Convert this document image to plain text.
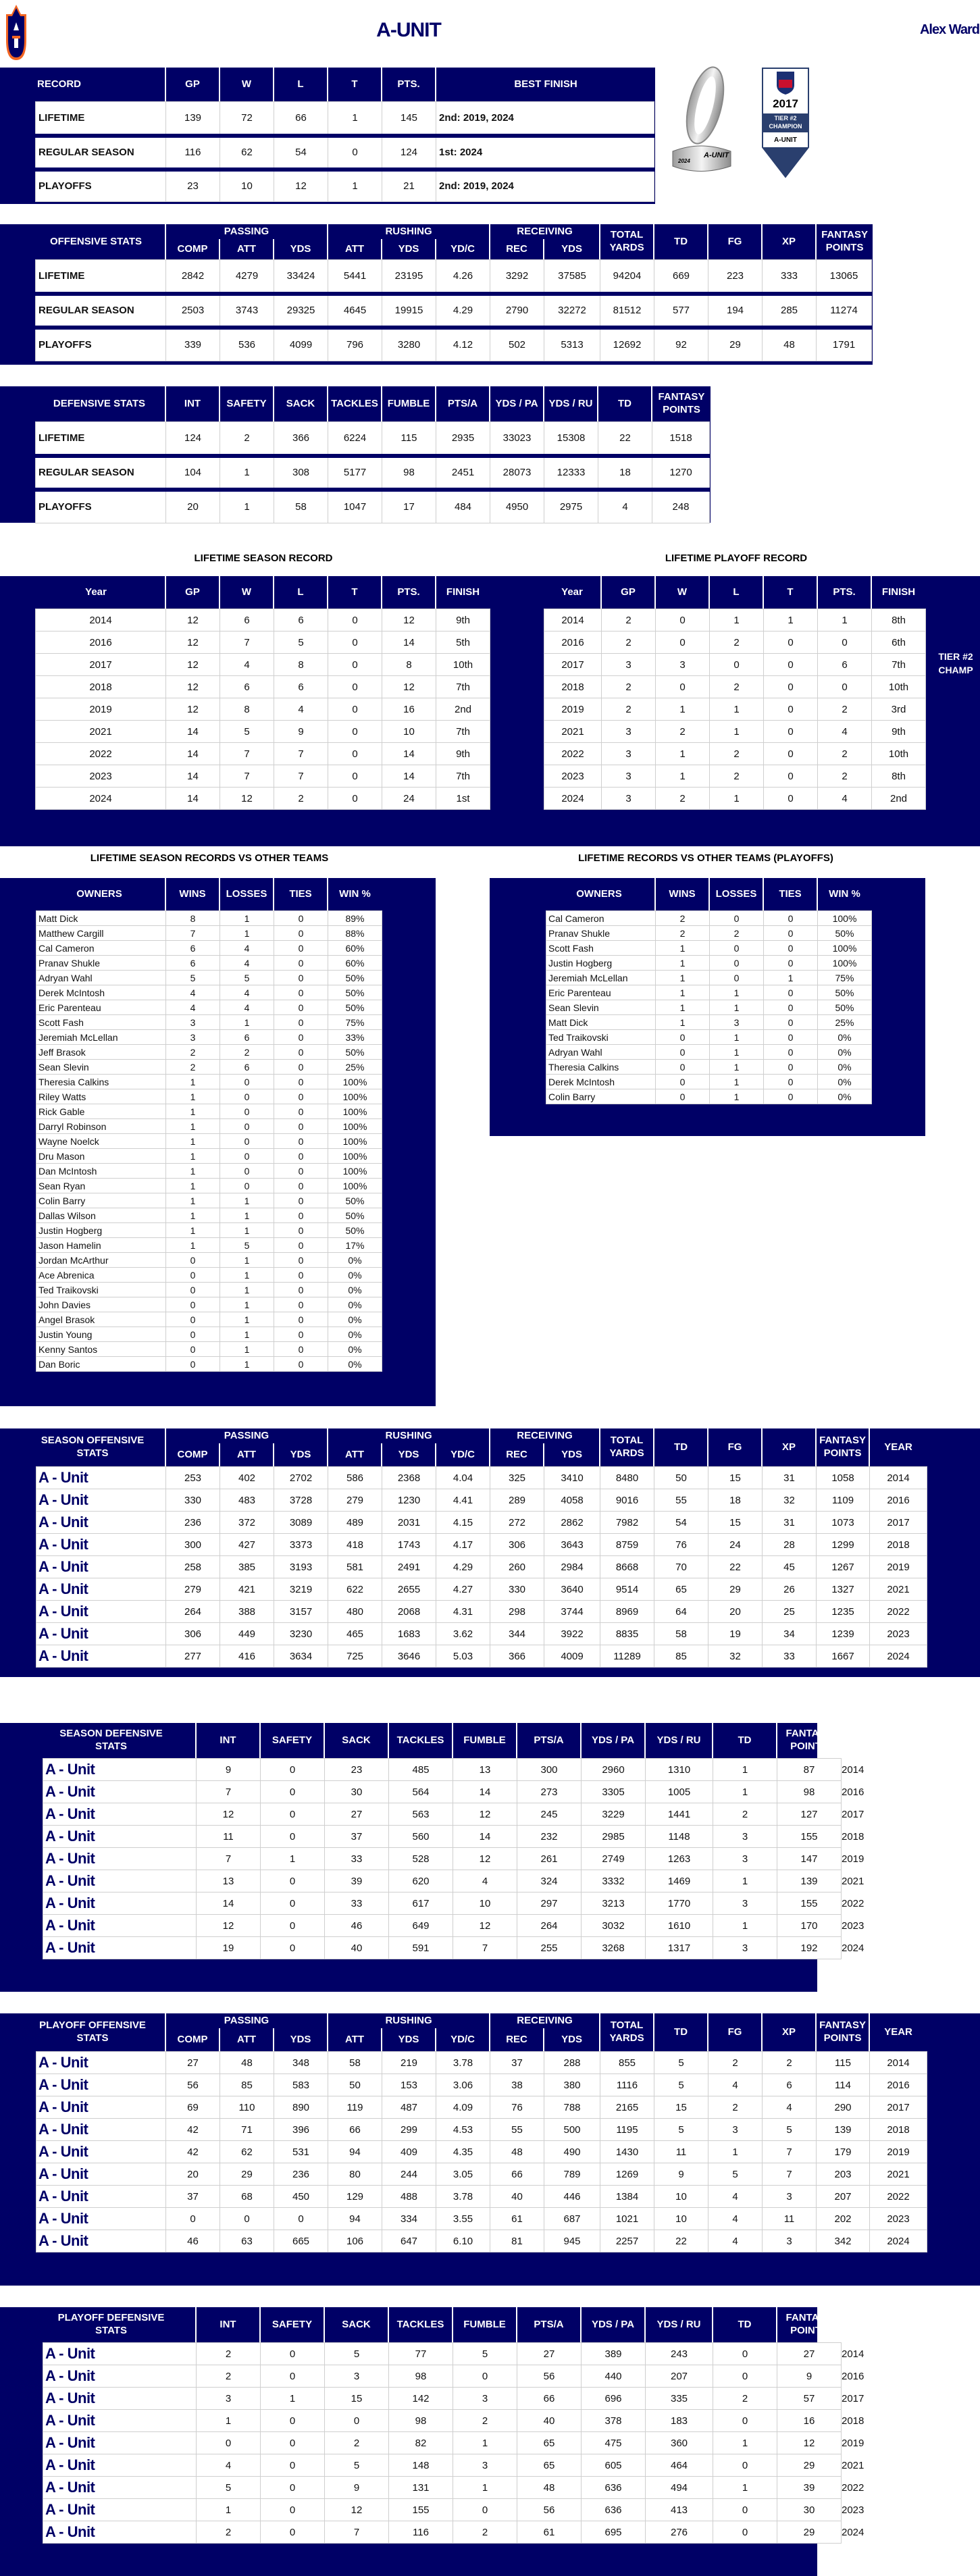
A-UNIT	Alex Ward
A-UNIT
2024
2017
TIER #2
CHAMPION
A-UNIT
RECORD	GP	W	L	T	PTS.	BEST FINISH
LIFETIME	139	72	66	1	145	2nd: 2019, 2024
REGULAR SEASON	116	62	54	0	124	1st: 2024
PLAYOFFS	23	10	12	1	21	2nd: 2019, 2024
OFFENSIVE STATS	PASSING			RUSHING			RECEIVING		TOTAL YARDS	TD	FG	XP	FANTASY POINTS
	COMP	ATT	YDS	ATT	YDS	YD/C	REC	YDS					
LIFETIME	2842	4279	33424	5441	23195	4.26	3292	37585	94204	669	223	333	13065
REGULAR SEASON	2503	3743	29325	4645	19915	4.29	2790	32272	81512	577	194	285	11274
PLAYOFFS	339	536	4099	796	3280	4.12	502	5313	12692	92	29	48	1791
DEFENSIVE STATS	INT	SAFETY	SACK	TACKLES	FUMBLE	PTS/A	YDS / PA	YDS / RU	TD	FANTASY POINTS
LIFETIME	124	2	366	6224	115	2935	33023	15308	22	1518
REGULAR SEASON	104	1	308	5177	98	2451	28073	12333	18	1270
PLAYOFFS	20	1	58	1047	17	484	4950	2975	4	248
LIFETIME SEASON RECORD	LIFETIME PLAYOFF RECORD
Year	GP	W	L	T	PTS.	FINISH
2014	12	6	6	0	12	9th
2016	12	7	5	0	14	5th
2017	12	4	8	0	8	10th
2018	12	6	6	0	12	7th
2019	12	8	4	0	16	2nd
2021	14	5	9	0	10	7th
2022	14	7	7	0	14	9th
2023	14	7	7	0	14	7th
2024	14	12	2	0	24	1st
Year	GP	W	L	T	PTS.	FINISH
2014	2	0	1	1	1	8th
2016	2	0	2	0	0	6th
2017	3	3	0	0	6	7th
2018	2	0	2	0	0	10th
2019	2	1	1	0	2	3rd
2021	3	2	1	0	4	9th
2022	3	1	2	0	2	10th
2023	3	1	2	0	2	8th
2024	3	2	1	0	4	2nd
TIER #2
CHAMP
LIFETIME SEASON RECORDS VS OTHER TEAMS	LIFETIME RECORDS VS OTHER TEAMS (PLAYOFFS)
OWNERS	WINS	LOSSES	TIES	WIN %
Matt Dick	8	1	0	89%
Matthew Cargill	7	1	0	88%
Cal Cameron	6	4	0	60%
Pranav Shukle	6	4	0	60%
Adryan Wahl	5	5	0	50%
Derek McIntosh	4	4	0	50%
Eric Parenteau	4	4	0	50%
Scott Fash	3	1	0	75%
Jeremiah McLellan	3	6	0	33%
Jeff Brasok	2	2	0	50%
Sean Slevin	2	6	0	25%
Theresia Calkins	1	0	0	100%
Riley Watts	1	0	0	100%
Rick Gable	1	0	0	100%
Darryl Robinson	1	0	0	100%
Wayne Noelck	1	0	0	100%
Dru Mason	1	0	0	100%
Dan McIntosh	1	0	0	100%
Sean Ryan	1	0	0	100%
Colin Barry	1	1	0	50%
Dallas Wilson	1	1	0	50%
Justin Hogberg	1	1	0	50%
Jason Hamelin	1	5	0	17%
Jordan McArthur	0	1	0	0%
Ace Abrenica	0	1	0	0%
Ted Traikovski	0	1	0	0%
John Davies	0	1	0	0%
Angel Brasok	0	1	0	0%
Justin Young	0	1	0	0%
Kenny Santos	0	1	0	0%
Dan Boric	0	1	0	0%
OWNERS	WINS	LOSSES	TIES	WIN %
Cal Cameron	2	0	0	100%
Pranav Shukle	2	2	0	50%
Scott Fash	1	0	0	100%
Justin Hogberg	1	0	0	100%
Jeremiah McLellan	1	0	1	75%
Eric Parenteau	1	1	0	50%
Sean Slevin	1	1	0	50%
Matt Dick	1	3	0	25%
Ted Traikovski	0	1	0	0%
Adryan Wahl	0	1	0	0%
Theresia Calkins	0	1	0	0%
Derek McIntosh	0	1	0	0%
Colin Barry	0	1	0	0%
SEASON OFFENSIVE
STATS	PASSING			RUSHING			RECEIVING		TOTAL YARDS	TD	FG	XP	FANTASY POINTS	YEAR
	COMP	ATT	YDS	ATT	YDS	YD/C	REC	YDS						
A - Unit	253	402	2702	586	2368	4.04	325	3410	8480	50	15	31	1058	2014
A - Unit	330	483	3728	279	1230	4.41	289	4058	9016	55	18	32	1109	2016
A - Unit	236	372	3089	489	2031	4.15	272	2862	7982	54	15	31	1073	2017
A - Unit	300	427	3373	418	1743	4.17	306	3643	8759	76	24	28	1299	2018
A - Unit	258	385	3193	581	2491	4.29	260	2984	8668	70	22	45	1267	2019
A - Unit	279	421	3219	622	2655	4.27	330	3640	9514	65	29	26	1327	2021
A - Unit	264	388	3157	480	2068	4.31	298	3744	8969	64	20	25	1235	2022
A - Unit	306	449	3230	465	1683	3.62	344	3922	8835	58	19	34	1239	2023
A - Unit	277	416	3634	725	3646	5.03	366	4009	11289	85	32	33	1667	2024
SEASON DEFENSIVE
STATS	INT	SAFETY	SACK	TACKLES	FUMBLE	PTS/A	YDS / PA	YDS / RU	TD	FANTASY POINTS
A - Unit	9	0	23	485	13	300	2960	1310	1	87	2014
A - Unit	7	0	30	564	14	273	3305	1005	1	98	2016
A - Unit	12	0	27	563	12	245	3229	1441	2	127	2017
A - Unit	11	0	37	560	14	232	2985	1148	3	155	2018
A - Unit	7	1	33	528	12	261	2749	1263	3	147	2019
A - Unit	13	0	39	620	4	324	3332	1469	1	139	2021
A - Unit	14	0	33	617	10	297	3213	1770	3	155	2022
A - Unit	12	0	46	649	12	264	3032	1610	1	170	2023
A - Unit	19	0	40	591	7	255	3268	1317	3	192	2024
PLAYOFF OFFENSIVE
STATS	PASSING			RUSHING			RECEIVING		TOTAL YARDS	TD	FG	XP	FANTASY POINTS	YEAR
	COMP	ATT	YDS	ATT	YDS	YD/C	REC	YDS						
A - Unit	27	48	348	58	219	3.78	37	288	855	5	2	2	115	2014
A - Unit	56	85	583	50	153	3.06	38	380	1116	5	4	6	114	2016
A - Unit	69	110	890	119	487	4.09	76	788	2165	15	2	4	290	2017
A - Unit	42	71	396	66	299	4.53	55	500	1195	5	3	5	139	2018
A - Unit	42	62	531	94	409	4.35	48	490	1430	11	1	7	179	2019
A - Unit	20	29	236	80	244	3.05	66	789	1269	9	5	7	203	2021
A - Unit	37	68	450	129	488	3.78	40	446	1384	10	4	3	207	2022
A - Unit	0	0	0	94	334	3.55	61	687	1021	10	4	11	202	2023
A - Unit	46	63	665	106	647	6.10	81	945	2257	22	4	3	342	2024
PLAYOFF DEFENSIVE
STATS	INT	SAFETY	SACK	TACKLES	FUMBLE	PTS/A	YDS / PA	YDS / RU	TD	FANTASY POINTS
A - Unit	2	0	5	77	5	27	389	243	0	27	2014
A - Unit	2	0	3	98	0	56	440	207	0	9	2016
A - Unit	3	1	15	142	3	66	696	335	2	57	2017
A - Unit	1	0	0	98	2	40	378	183	0	16	2018
A - Unit	0	0	2	82	1	65	475	360	1	12	2019
A - Unit	4	0	5	148	3	65	605	464	0	29	2021
A - Unit	5	0	9	131	1	48	636	494	1	39	2022
A - Unit	1	0	12	155	0	56	636	413	0	30	2023
A - Unit	2	0	7	116	2	61	695	276	0	29	2024
